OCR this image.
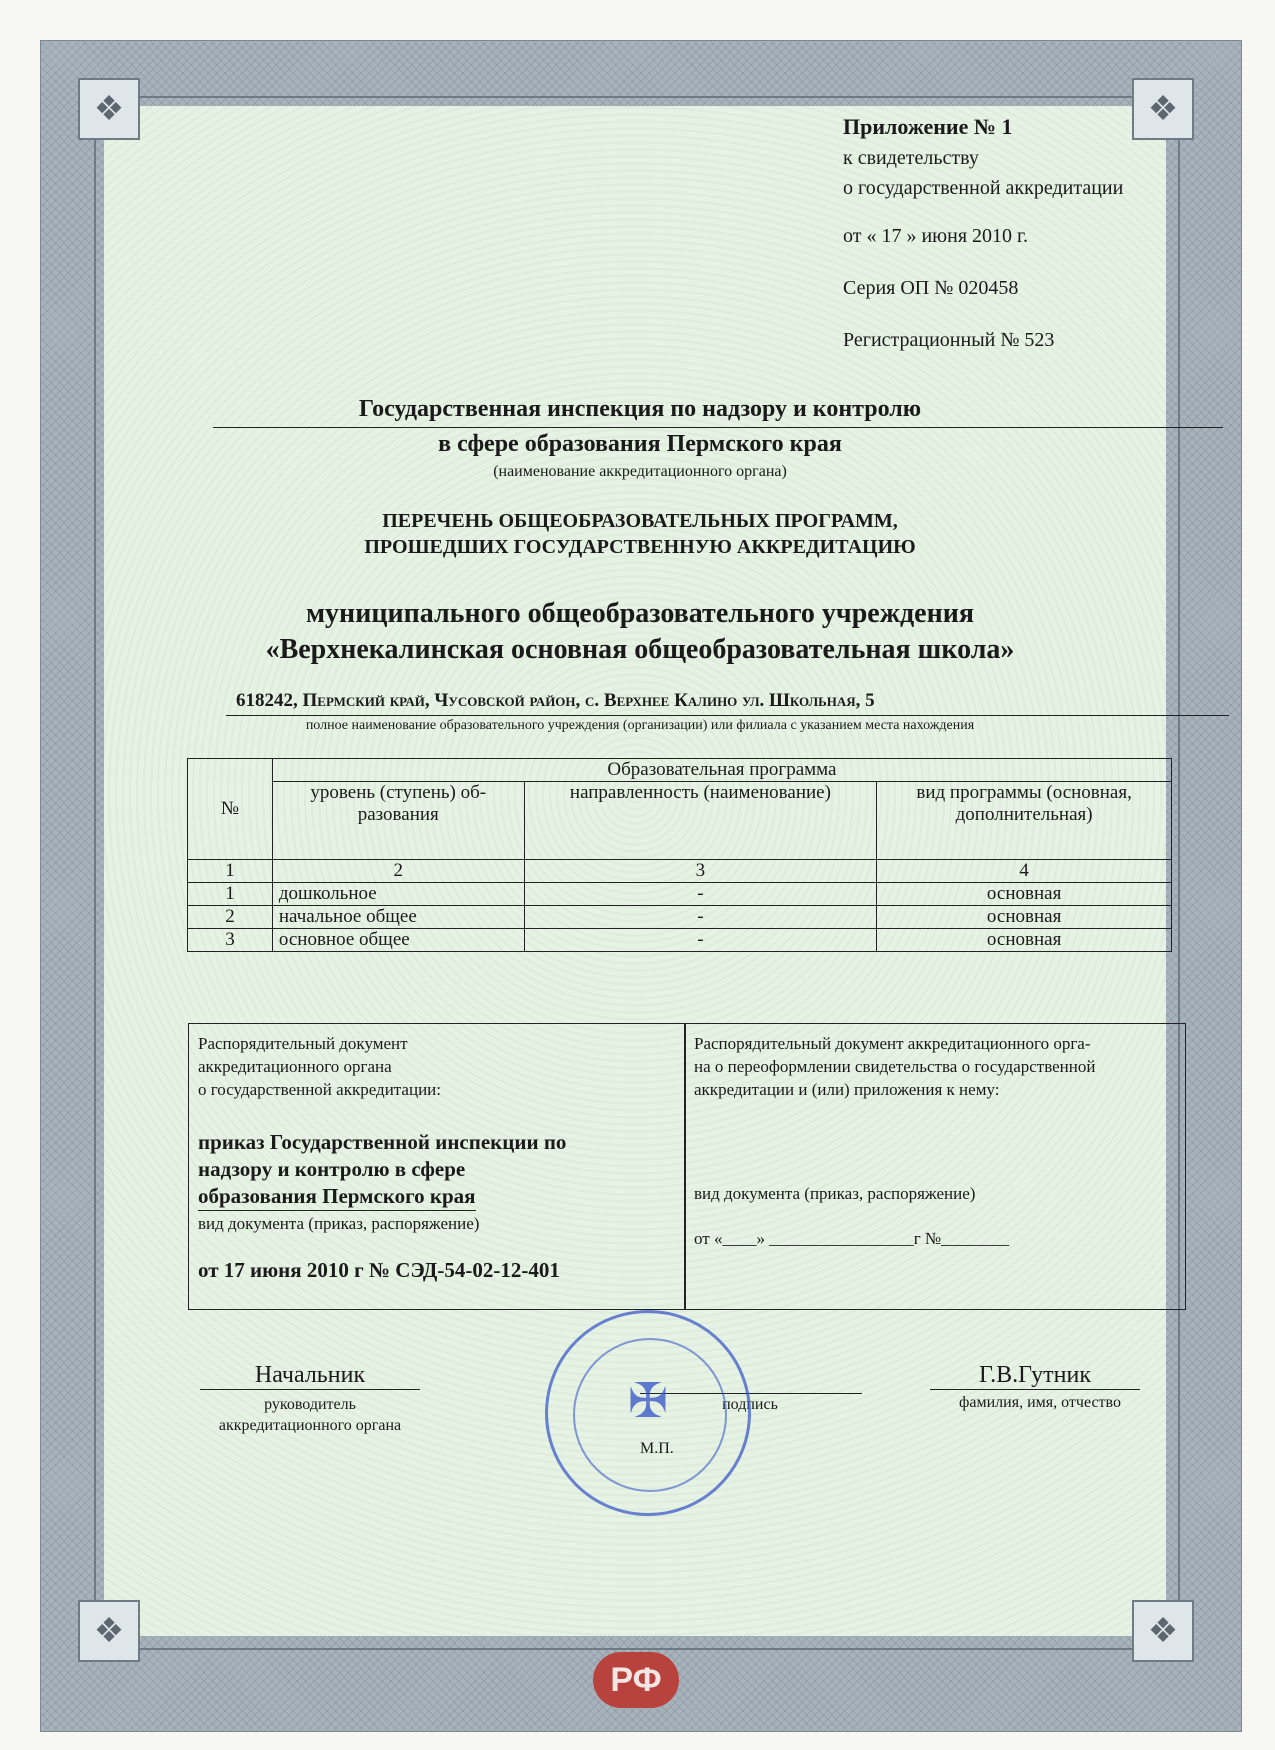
❖	❖
❖	❖
Приложение № 1
к свидетельству
о государственной аккредитации
от « 17 » июня 2010 г.
Серия ОП № 020458
Регистрационный № 523
Государственная инспекция по надзору и контролю
в сфере образования Пермского края
(наименование аккредитационного органа)
ПЕРЕЧЕНЬ ОБЩЕОБРАЗОВАТЕЛЬНЫХ ПРОГРАММ,
ПРОШЕДШИХ ГОСУДАРСТВЕННУЮ АККРЕДИТАЦИЮ
муниципального общеобразовательного учреждения
«Верхнекалинская основная общеобразовательная школа»
618242, Пермский край, Чусовской район, с. Верхнее Калино ул. Школьная, 5
полное наименование образовательного учреждения (организации) или филиала с указанием места нахождения
№	Образовательная программа		
	уровень (ступень) об-разования	направленность (наименование)	вид программы (основная, дополнительная)
1	2	3	4
1	дошкольное	-	основная
2	начальное общее	-	основная
3	основное общее	-	основная
Распорядительный документ
аккредитационного органа
о государственной аккредитации:
приказ Государственной инспекции по
надзору и контролю в сфере
образования Пермского края
вид документа (приказ, распоряжение)
от 17 июня 2010 г № СЭД-54-02-12-401
Распорядительный документ аккредитационного орга-
на о переоформлении свидетельства о государственной
аккредитации и (или) приложения к нему:
вид документа (приказ, распоряжение)
от «____» _________________г №________
Начальник
руководитель
аккредитационного органа
подпись
Г.В.Гутник
фамилия, имя, отчество
✠
М.П.
РФ
